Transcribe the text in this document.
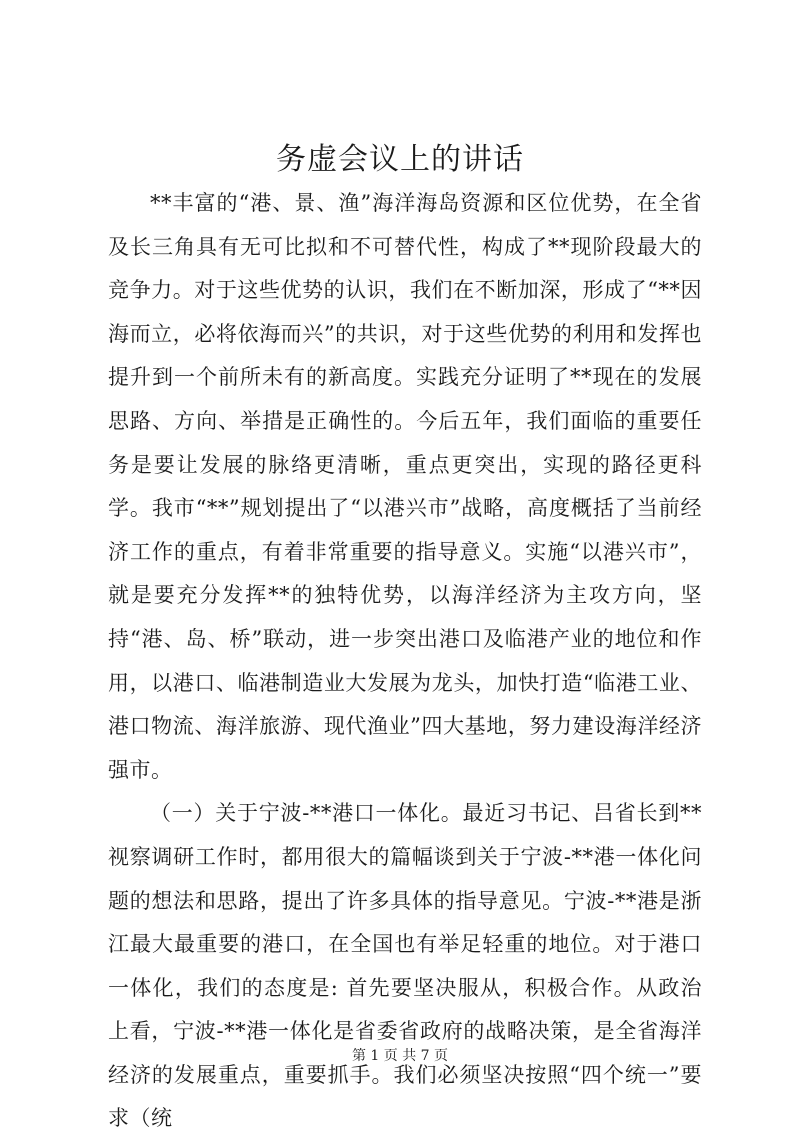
务虚会议上的讲话

**丰富的“港、景、渔”海洋海岛资源和区位优势，在全省及长三角具有无可比拟和不可替代性，构成了**现阶段最大的竞争力。对于这些优势的认识，我们在不断加深，形成了“**因海而立，必将依海而兴”的共识，对于这些优势的利用和发挥也提升到一个前所未有的新高度。实践充分证明了**现在的发展思路、方向、举措是正确性的。今后五年，我们面临的重要任务是要让发展的脉络更清晰，重点更突出，实现的路径更科学。我市“**”规划提出了“以港兴市”战略，高度概括了当前经济工作的重点，有着非常重要的指导意义。实施“以港兴市”，就是要充分发挥**的独特优势，以海洋经济为主攻方向，坚持“港、岛、桥”联动，进一步突出港口及临港产业的地位和作用，以港口、临港制造业大发展为龙头，加快打造“临港工业、港口物流、海洋旅游、现代渔业”四大基地，努力建设海洋经济强市。

（一）关于宁波-**港口一体化。最近习书记、吕省长到**视察调研工作时，都用很大的篇幅谈到关于宁波-**港一体化问题的想法和思路，提出了许多具体的指导意见。宁波-**港是浙江最大最重要的港口，在全国也有举足轻重的地位。对于港口一体化，我们的态度是: 首先要坚决服从，积极合作。从政治上看，宁波-**港一体化是省委省政府的战略决策，是全省海洋经济的发展重点，重要抓手。我们必须坚决按照“四个统一”要求（统

第 1 页 共 7 页
